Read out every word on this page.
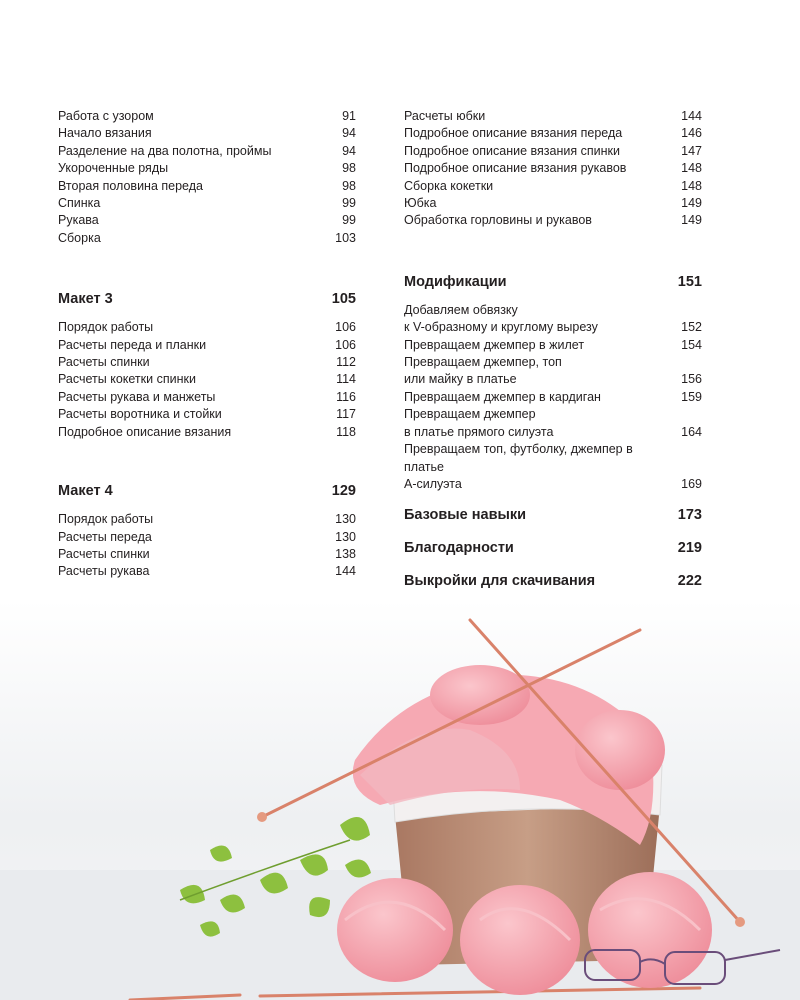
Работа с узором	91
Начало вязания	94
Разделение на два полотна, проймы	94
Укороченные ряды	98
Вторая половина переда	98
Спинка	99
Рукава	99
Сборка	103
Макет 3	105
Порядок работы	106
Расчеты переда и планки	106
Расчеты спинки	112
Расчеты кокетки спинки	114
Расчеты рукава и манжеты	116
Расчеты воротника и стойки	117
Подробное описание вязания	118
Макет 4	129
Порядок работы	130
Расчеты переда	130
Расчеты спинки	138
Расчеты рукава	144
Расчеты юбки	144
Подробное описание вязания переда	146
Подробное описание вязания спинки	147
Подробное описание вязания рукавов	148
Сборка кокетки	148
Юбка	149
Обработка горловины и рукавов	149
Модификации	151
Добавляем обвязку
к V-образному и круглому вырезу	152
Превращаем джемпер в жилет	154
Превращаем джемпер, топ
или майку в платье	156
Превращаем джемпер в кардиган	159
Превращаем джемпер
в платье прямого силуэта	164
Превращаем топ, футболку, джемпер в платье
А-силуэта	169
Базовые навыки	173
Благодарности	219
Выкройки для скачивания	222
